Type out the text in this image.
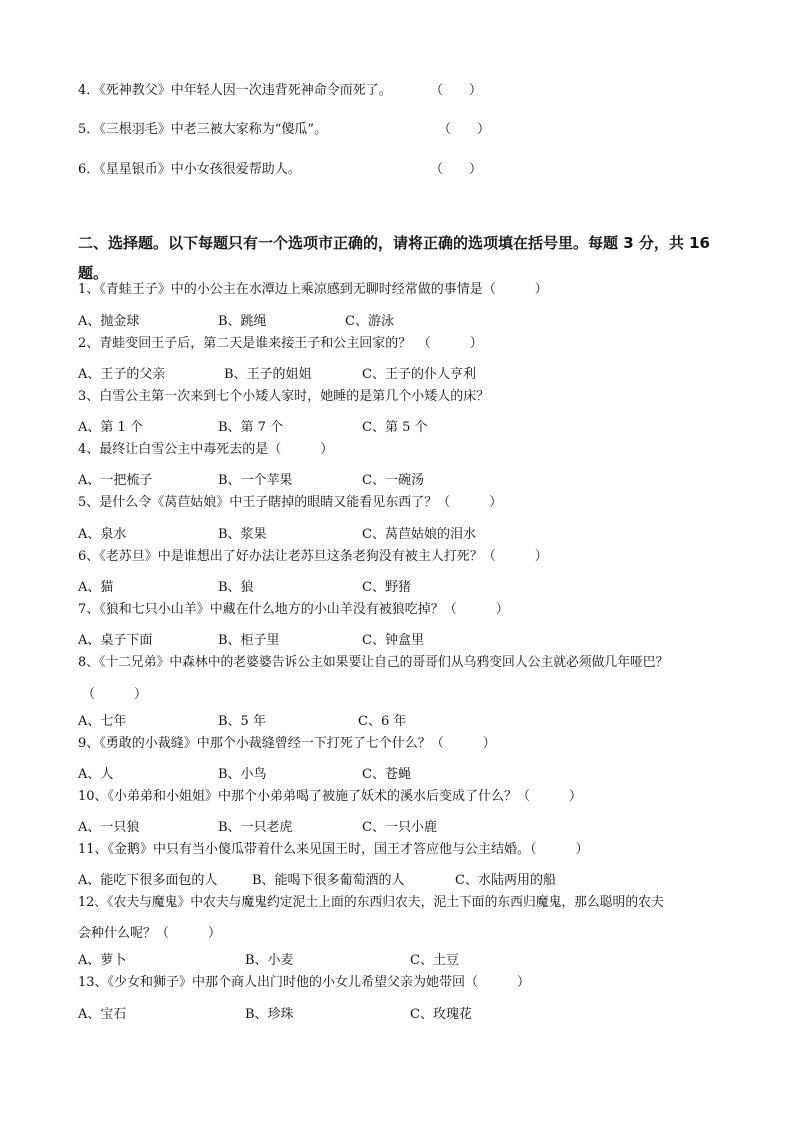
4．《死神教父》中年轻人因一次违背死神命令而死了。	（　　）
5．《三根羽毛》中老三被大家称为“傻瓜”。	（　　）
6．《星星银币》中小女孩很爱帮助人。	（　　）

二、选择题。以下每题只有一个选项市正确的，请将正确的选项填在括号里。每题 3 分，共 16 题。

1、《青蛙王子》中的小公主在水潭边上乘凉感到无聊时经常做的事情是（　　　）
A、抛金球	B、跳绳	C、游泳
2、青蛙变回王子后，第二天是谁来接王子和公主回家的？　（　　　）
A、王子的父亲	B、王子的姐姐	C、王子的仆人亨利
3、白雪公主第一次来到七个小矮人家时，她睡的是第几个小矮人的床？
A、第 1 个	B、第 7 个	C、第 5 个
4、最终让白雪公主中毒死去的是（　　　）
A、一把梳子	B、一个苹果	C、一碗汤
5、是什么令《莴苣姑娘》中王子瞎掉的眼睛又能看见东西了？（　　　）
A、泉水	B、浆果	C、莴苣姑娘的泪水
6、《老苏旦》中是谁想出了好办法让老苏旦这条老狗没有被主人打死？（　　　）
A、猫	B、狼	C、野猪
7、《狼和七只小山羊》中藏在什么地方的小山羊没有被狼吃掉？（　　　）
A、桌子下面	B、柜子里	C、钟盒里
8、《十二兄弟》中森林中的老婆婆告诉公主如果要让自己的哥哥们从乌鸦变回人公主就必须做几年哑巴？
（　　　）
A、七年	B、5 年	C、6 年
9、《勇敢的小裁缝》中那个小裁缝曾经一下打死了七个什么？（　　　）
A、人	B、小鸟	C、苍蝇
10、《小弟弟和小姐姐》中那个小弟弟喝了被施了妖术的溪水后变成了什么？（　　　）
A、一只狼	B、一只老虎	C、一只小鹿
11、《金鹅》中只有当小傻瓜带着什么来见国王时，国王才答应他与公主结婚。（　　　）
A、能吃下很多面包的人	B、能喝下很多葡萄酒的人	C、水陆两用的船
12、《农夫与魔鬼》中农夫与魔鬼约定泥土上面的东西归农夫，泥土下面的东西归魔鬼，那么聪明的农夫
会种什么呢？（　　　）
A、萝卜	B、小麦	C、土豆
13、《少女和狮子》中那个商人出门时他的小女儿希望父亲为她带回（　　　）
A、宝石	B、珍珠	C、玫瑰花
